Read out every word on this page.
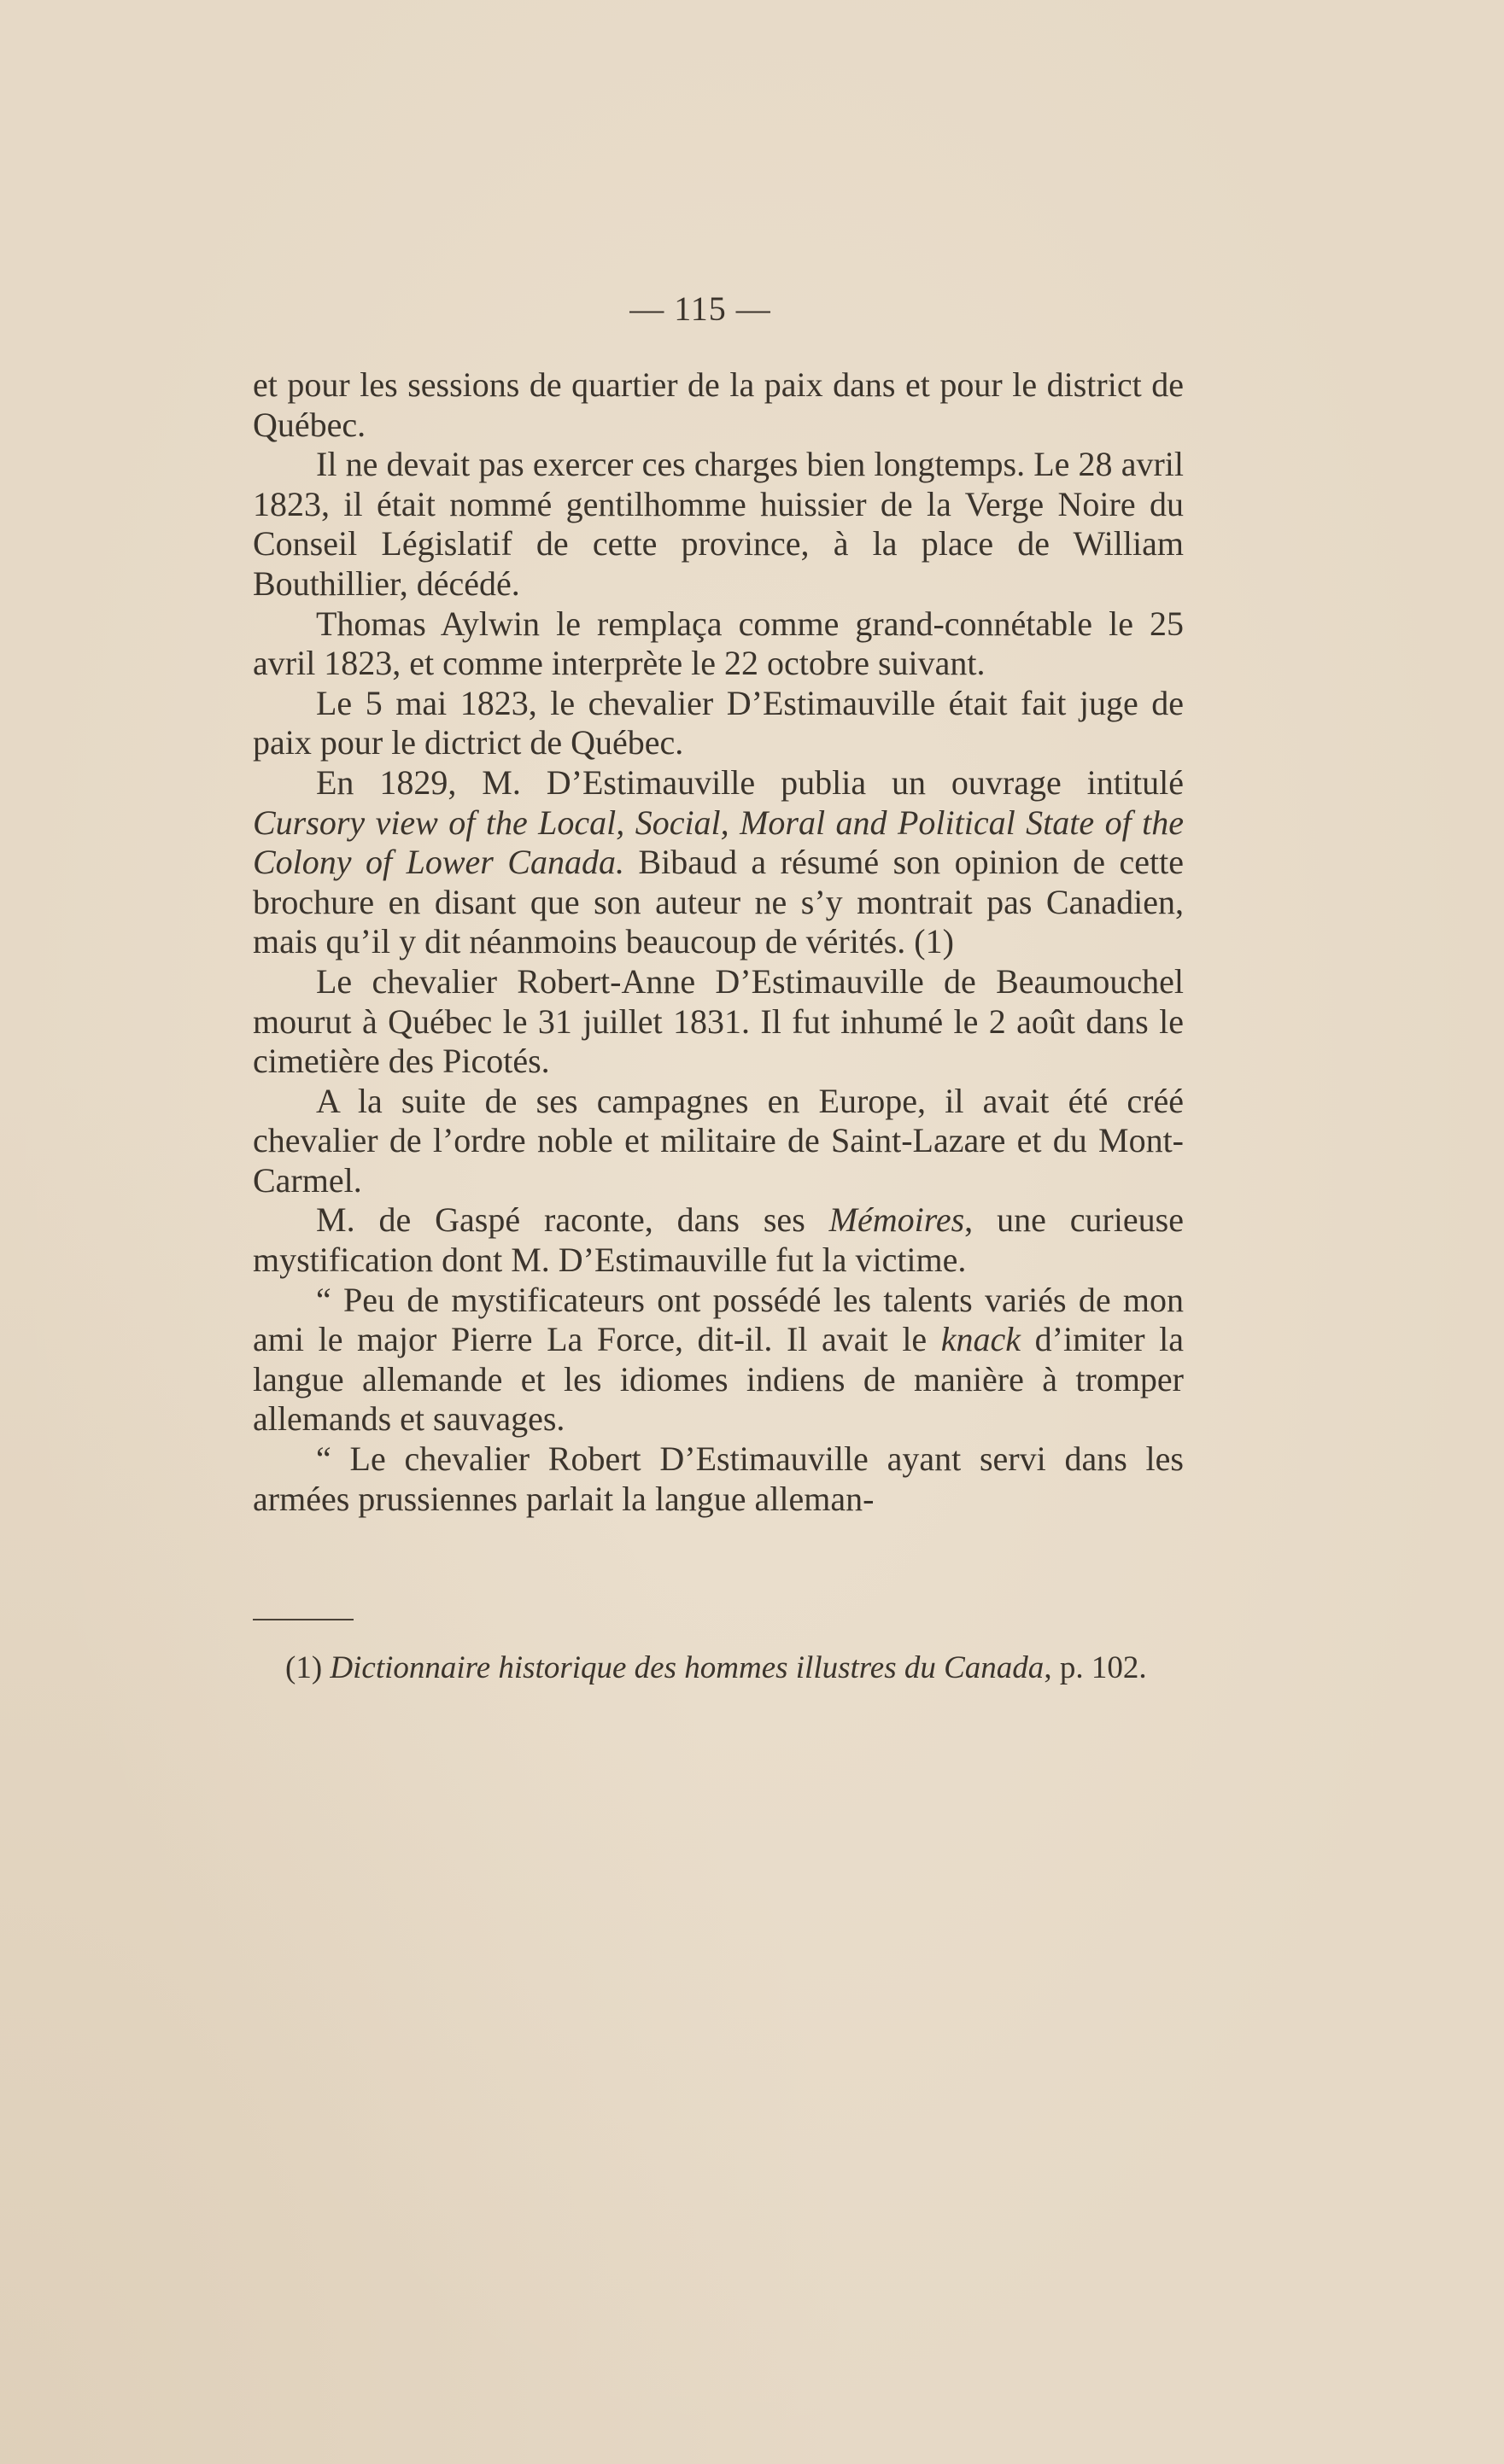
— 115 —

et pour les sessions de quartier de la paix dans et pour le district de Québec.

Il ne devait pas exercer ces charges bien longtemps. Le 28 avril 1823, il était nommé gentilhomme huissier de la Verge Noire du Conseil Législatif de cette province, à la place de William Bouthillier, décédé.

Thomas Aylwin le remplaça comme grand-connétable le 25 avril 1823, et comme interprète le 22 octobre suivant.

Le 5 mai 1823, le chevalier D’Estimauville était fait juge de paix pour le dictrict de Québec.

En 1829, M. D’Estimauville publia un ouvrage intitulé Cursory view of the Local, Social, Moral and Political State of the Colony of Lower Canada. Bibaud a résumé son opinion de cette brochure en disant que son auteur ne s’y montrait pas Canadien, mais qu’il y dit néanmoins beaucoup de vérités. (1)

Le chevalier Robert-Anne D’Estimauville de Beaumouchel mourut à Québec le 31 juillet 1831. Il fut inhumé le 2 août dans le cimetière des Picotés.

A la suite de ses campagnes en Europe, il avait été créé chevalier de l’ordre noble et militaire de Saint-Lazare et du Mont-Carmel.

M. de Gaspé raconte, dans ses Mémoires, une curieuse mystification dont M. D’Estimauville fut la victime.

“ Peu de mystificateurs ont possédé les talents variés de mon ami le major Pierre La Force, dit-il. Il avait le knack d’imiter la langue allemande et les idiomes indiens de manière à tromper allemands et sauvages.

“ Le chevalier Robert D’Estimauville ayant servi dans les armées prussiennes parlait la langue alleman-

(1) Dictionnaire historique des hommes illustres du Canada, p. 102.
